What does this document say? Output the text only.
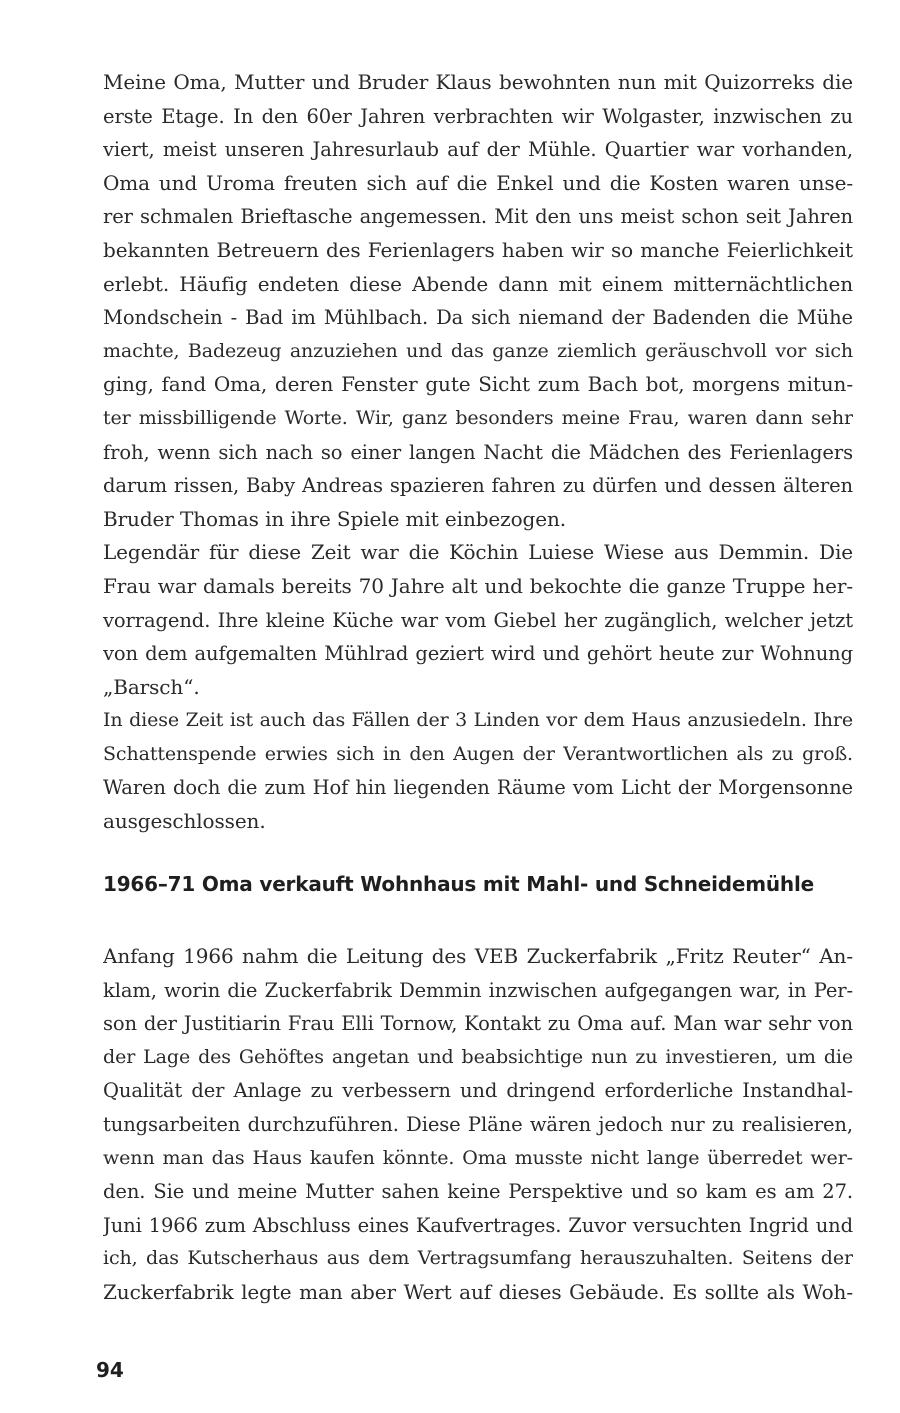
Meine Oma, Mutter und Bruder Klaus bewohnten nun mit Quizorreks die
erste Etage. In den 60er Jahren verbrachten wir Wolgaster, inzwischen zu
viert, meist unseren Jahresurlaub auf der Mühle. Quartier war vorhanden,
Oma und Uroma freuten sich auf die Enkel und die Kosten waren unse-
rer schmalen Brieftasche angemessen. Mit den uns meist schon seit Jahren
bekannten Betreuern des Ferienlagers haben wir so manche Feierlichkeit
erlebt. Häufig endeten diese Abende dann mit einem mitternächtlichen
Mondschein - Bad im Mühlbach. Da sich niemand der Badenden die Mühe
machte, Badezeug anzuziehen und das ganze ziemlich geräuschvoll vor sich
ging, fand Oma, deren Fenster gute Sicht zum Bach bot, morgens mitun-
ter missbilligende Worte. Wir, ganz besonders meine Frau, waren dann sehr
froh, wenn sich nach so einer langen Nacht die Mädchen des Ferienlagers
darum rissen, Baby Andreas spazieren fahren zu dürfen und dessen älteren
Bruder Thomas in ihre Spiele mit einbezogen.
Legendär für diese Zeit war die Köchin Luiese Wiese aus Demmin. Die
Frau war damals bereits 70 Jahre alt und bekochte die ganze Truppe her-
vorragend. Ihre kleine Küche war vom Giebel her zugänglich, welcher jetzt
von dem aufgemalten Mühlrad geziert wird und gehört heute zur Wohnung
„Barsch“.
In diese Zeit ist auch das Fällen der 3 Linden vor dem Haus anzusiedeln. Ihre
Schattenspende erwies sich in den Augen der Verantwortlichen als zu groß.
Waren doch die zum Hof hin liegenden Räume vom Licht der Morgensonne
ausgeschlossen.
1966–71 Oma verkauft Wohnhaus mit Mahl- und Schneidemühle
Anfang 1966 nahm die Leitung des VEB Zuckerfabrik „Fritz Reuter“ An-
klam, worin die Zuckerfabrik Demmin inzwischen aufgegangen war, in Per-
son der Justitiarin Frau Elli Tornow, Kontakt zu Oma auf. Man war sehr von
der Lage des Gehöftes angetan und beabsichtige nun zu investieren, um die
Qualität der Anlage zu verbessern und dringend erforderliche Instandhal-
tungsarbeiten durchzuführen. Diese Pläne wären jedoch nur zu realisieren,
wenn man das Haus kaufen könnte. Oma musste nicht lange überredet wer-
den. Sie und meine Mutter sahen keine Perspektive und so kam es am 27.
Juni 1966 zum Abschluss eines Kaufvertrages. Zuvor versuchten Ingrid und
ich, das Kutscherhaus aus dem Vertragsumfang herauszuhalten. Seitens der
Zuckerfabrik legte man aber Wert auf dieses Gebäude. Es sollte als Woh-
94
